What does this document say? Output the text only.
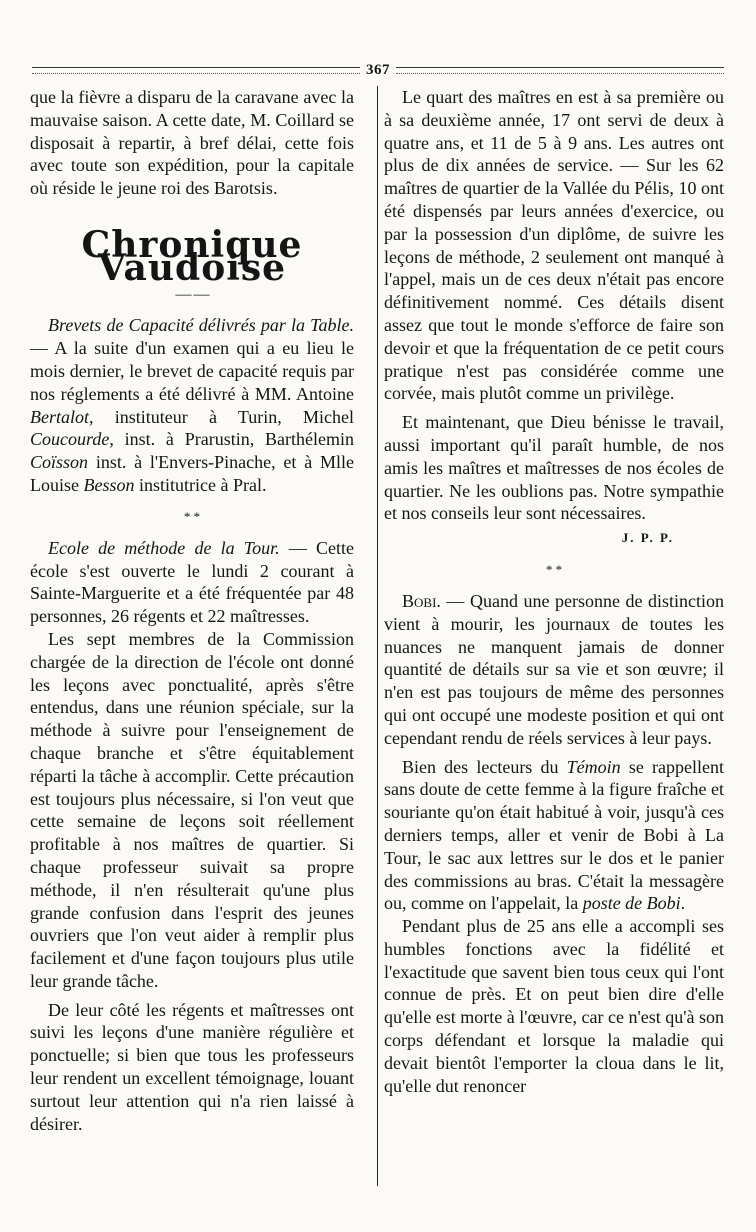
367

que la fièvre a disparu de la caravane avec la mauvaise saison. A cette date, M. Coillard se disposait à repartir, à bref délai, cette fois avec toute son expédition, pour la capitale où réside le jeune roi des Barotsis.

Chronique Vaudoise
— —

Brevets de Capacité délivrés par la Table. — A la suite d'un examen qui a eu lieu le mois dernier, le brevet de capacité requis par nos réglements a été délivré à MM. Antoine Bertalot, instituteur à Turin, Michel Coucourde, inst. à Prarustin, Barthélemin Coïsson inst. à l'Envers-Pinache, et à Mlle Louise Besson institutrice à Pral.

* *

Ecole de méthode de la Tour. — Cette école s'est ouverte le lundi 2 courant à Sainte-Marguerite et a été fréquentée par 48 personnes, 26 régents et 22 maîtresses.

Les sept membres de la Commission chargée de la direction de l'école ont donné les leçons avec ponctualité, après s'être entendus, dans une réunion spéciale, sur la méthode à suivre pour l'enseignement de chaque branche et s'être équitablement réparti la tâche à accomplir. Cette précaution est toujours plus nécessaire, si l'on veut que cette semaine de leçons soit réellement profitable à nos maîtres de quartier. Si chaque professeur suivait sa propre méthode, il n'en résulterait qu'une plus grande confusion dans l'esprit des jeunes ouvriers que l'on veut aider à remplir plus facilement et d'une façon toujours plus utile leur grande tâche.

De leur côté les régents et maîtresses ont suivi les leçons d'une manière régulière et ponctuelle; si bien que tous les professeurs leur rendent un excellent témoignage, louant surtout leur attention qui n'a rien laissé à désirer.

Le quart des maîtres en est à sa première ou à sa deuxième année, 17 ont servi de deux à quatre ans, et 11 de 5 à 9 ans. Les autres ont plus de dix années de service. — Sur les 62 maîtres de quartier de la Vallée du Pélis, 10 ont été dispensés par leurs années d'exercice, ou par la possession d'un diplôme, de suivre les leçons de méthode, 2 seulement ont manqué à l'appel, mais un de ces deux n'était pas encore définitivement nommé. Ces détails disent assez que tout le monde s'efforce de faire son devoir et que la fréquentation de ce petit cours pratique n'est pas considérée comme une corvée, mais plutôt comme un privilège.

Et maintenant, que Dieu bénisse le travail, aussi important qu'il paraît humble, de nos amis les maîtres et maîtresses de nos écoles de quartier. Ne les oublions pas. Notre sympathie et nos conseils leur sont nécessaires.

J. P. P.
* *

Bobi. — Quand une personne de distinction vient à mourir, les journaux de toutes les nuances ne manquent jamais de donner quantité de détails sur sa vie et son œuvre; il n'en est pas toujours de même des personnes qui ont occupé une modeste position et qui ont cependant rendu de réels services à leur pays.

Bien des lecteurs du Témoin se rappellent sans doute de cette femme à la figure fraîche et souriante qu'on était habitué à voir, jusqu'à ces derniers temps, aller et venir de Bobi à La Tour, le sac aux lettres sur le dos et le panier des commissions au bras. C'était la messagère ou, comme on l'appelait, la poste de Bobi.

Pendant plus de 25 ans elle a accompli ses humbles fonctions avec la fidélité et l'exactitude que savent bien tous ceux qui l'ont connue de près. Et on peut bien dire d'elle qu'elle est morte à l'œuvre, car ce n'est qu'à son corps défendant et lorsque la maladie qui devait bientôt l'emporter la cloua dans le lit, qu'elle dut renoncer
